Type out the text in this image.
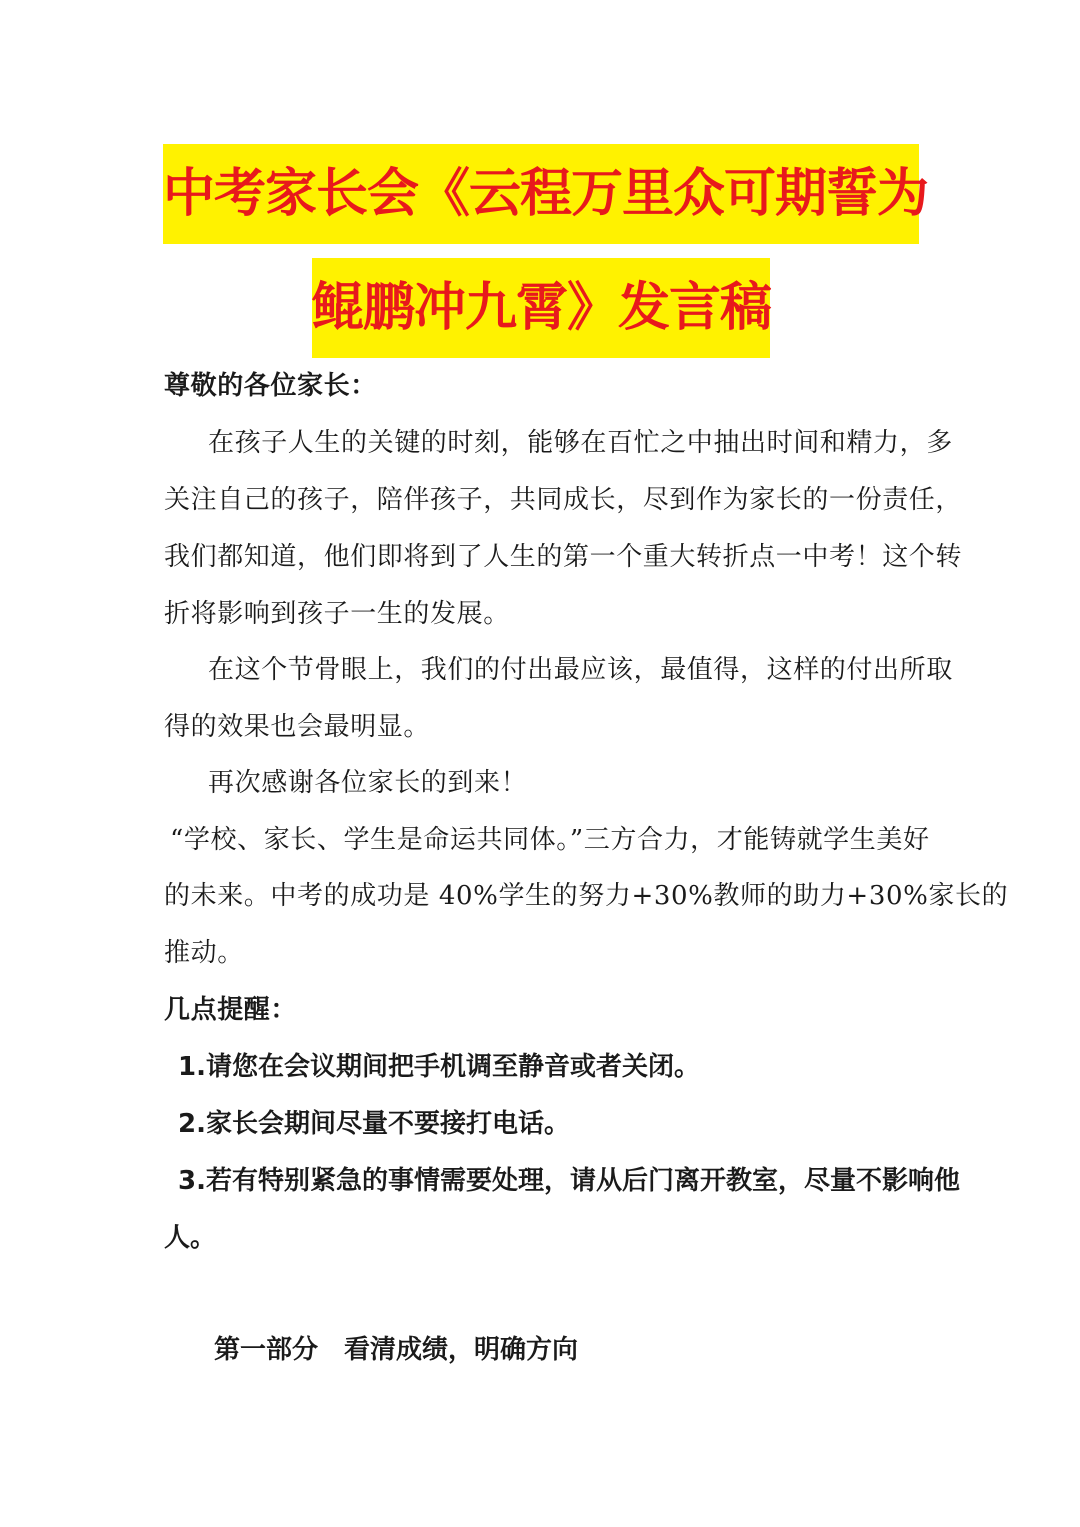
中考家长会《云程万里众可期誓为
鲲鹏冲九霄》发言稿
尊敬的各位家长：
在孩子人生的关键的时刻，能够在百忙之中抽出时间和精力，多
关注自己的孩子，陪伴孩子，共同成长，尽到作为家长的一份责任，
我们都知道，他们即将到了人生的第一个重大转折点一中考！这个转
折将影响到孩子一生的发展。
在这个节骨眼上，我们的付出最应该，最值得，这样的付出所取
得的效果也会最明显。
再次感谢各位家长的到来！
“学校、家长、学生是命运共同体。”三方合力，才能铸就学生美好
的未来。中考的成功是 40%学生的努力+30%教师的助力+30%家长的
推动。
几点提醒：
1.请您在会议期间把手机调至静音或者关闭。
2.家长会期间尽量不要接打电话。
3.若有特别紧急的事情需要处理，请从后门离开教室，尽量不影响他
人。
第一部分 看清成绩，明确方向
